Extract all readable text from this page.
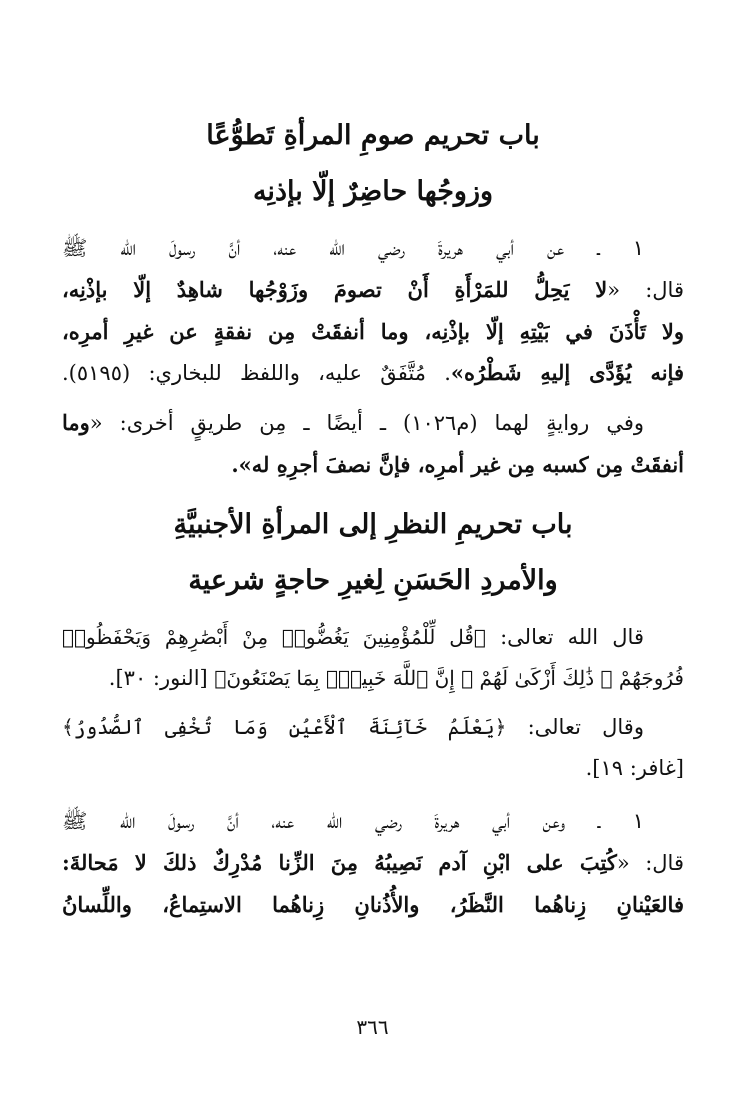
باب تحريم صومِ المرأةِ تَطوُّعًا
وزوجُها حاضِرٌ إلّا بإذنِه
١ ـ عن أبي هريرةَ رضي الله عنه، أنَّ رسولَ الله ﷺ
قال: «لا يَحِلُّ للمَرْأَةِ أَنْ تصومَ وزَوْجُها شاهِدٌ إلّا بإذْنِه،
ولا تَأْذَنَ في بَيْتِهِ إلّا بإذْنِه، وما أنفقَتْ مِن نفقةٍ عن غيرِ أمرِه،
فإنه يُؤَدَّى إليهِ شَطْرُه». مُتَّفَقٌ عليه، واللفظ للبخاري: (٥١٩٥).
وفي روايةٍ لهما (م١٠٢٦) ـ أيضًا ـ مِن طريقٍ أخرى: «وما
أنفقَتْ مِن كسبه مِن غير أمرِه، فإنَّ نصفَ أجرِهِ له».
باب تحريمِ النظرِ إلى المرأةِ الأجنبيَّةِ
والأمردِ الحَسَنِ لِغيرِ حاجةٍ شرعية
قال الله تعالى: ﴿قُل لِّلْمُؤْمِنِينَ يَغُضُّوا۟ مِنْ أَبْصَٰرِهِمْ وَيَحْفَظُوا۟
فُرُوجَهُمْ ۚ ذَٰلِكَ أَزْكَىٰ لَهُمْ ۗ إِنَّ ٱللَّهَ خَبِيرٌۢ بِمَا يَصْنَعُونَ﴾ [النور: ٣٠].
وقال تعالى: ﴿يَعْلَمُ خَآئِنَةَ ٱلْأَعْيُنِ وَمَا تُخْفِى ٱلصُّدُورُ﴾
[غافر: ١٩].
١ ـ وعن أبي هريرةَ رضي الله عنه، أنَّ رسولَ الله ﷺ
قال: «كُتِبَ على ابْنِ آدم نَصِيبُهُ مِنَ الزِّنا مُدْرِكٌ ذلكَ لا مَحالةَ:
فالعَيْنانِ زِناهُما النَّظَرُ، والأُذُنانِ زِناهُما الاستِماعُ، واللِّسانُ
٣٦٦
